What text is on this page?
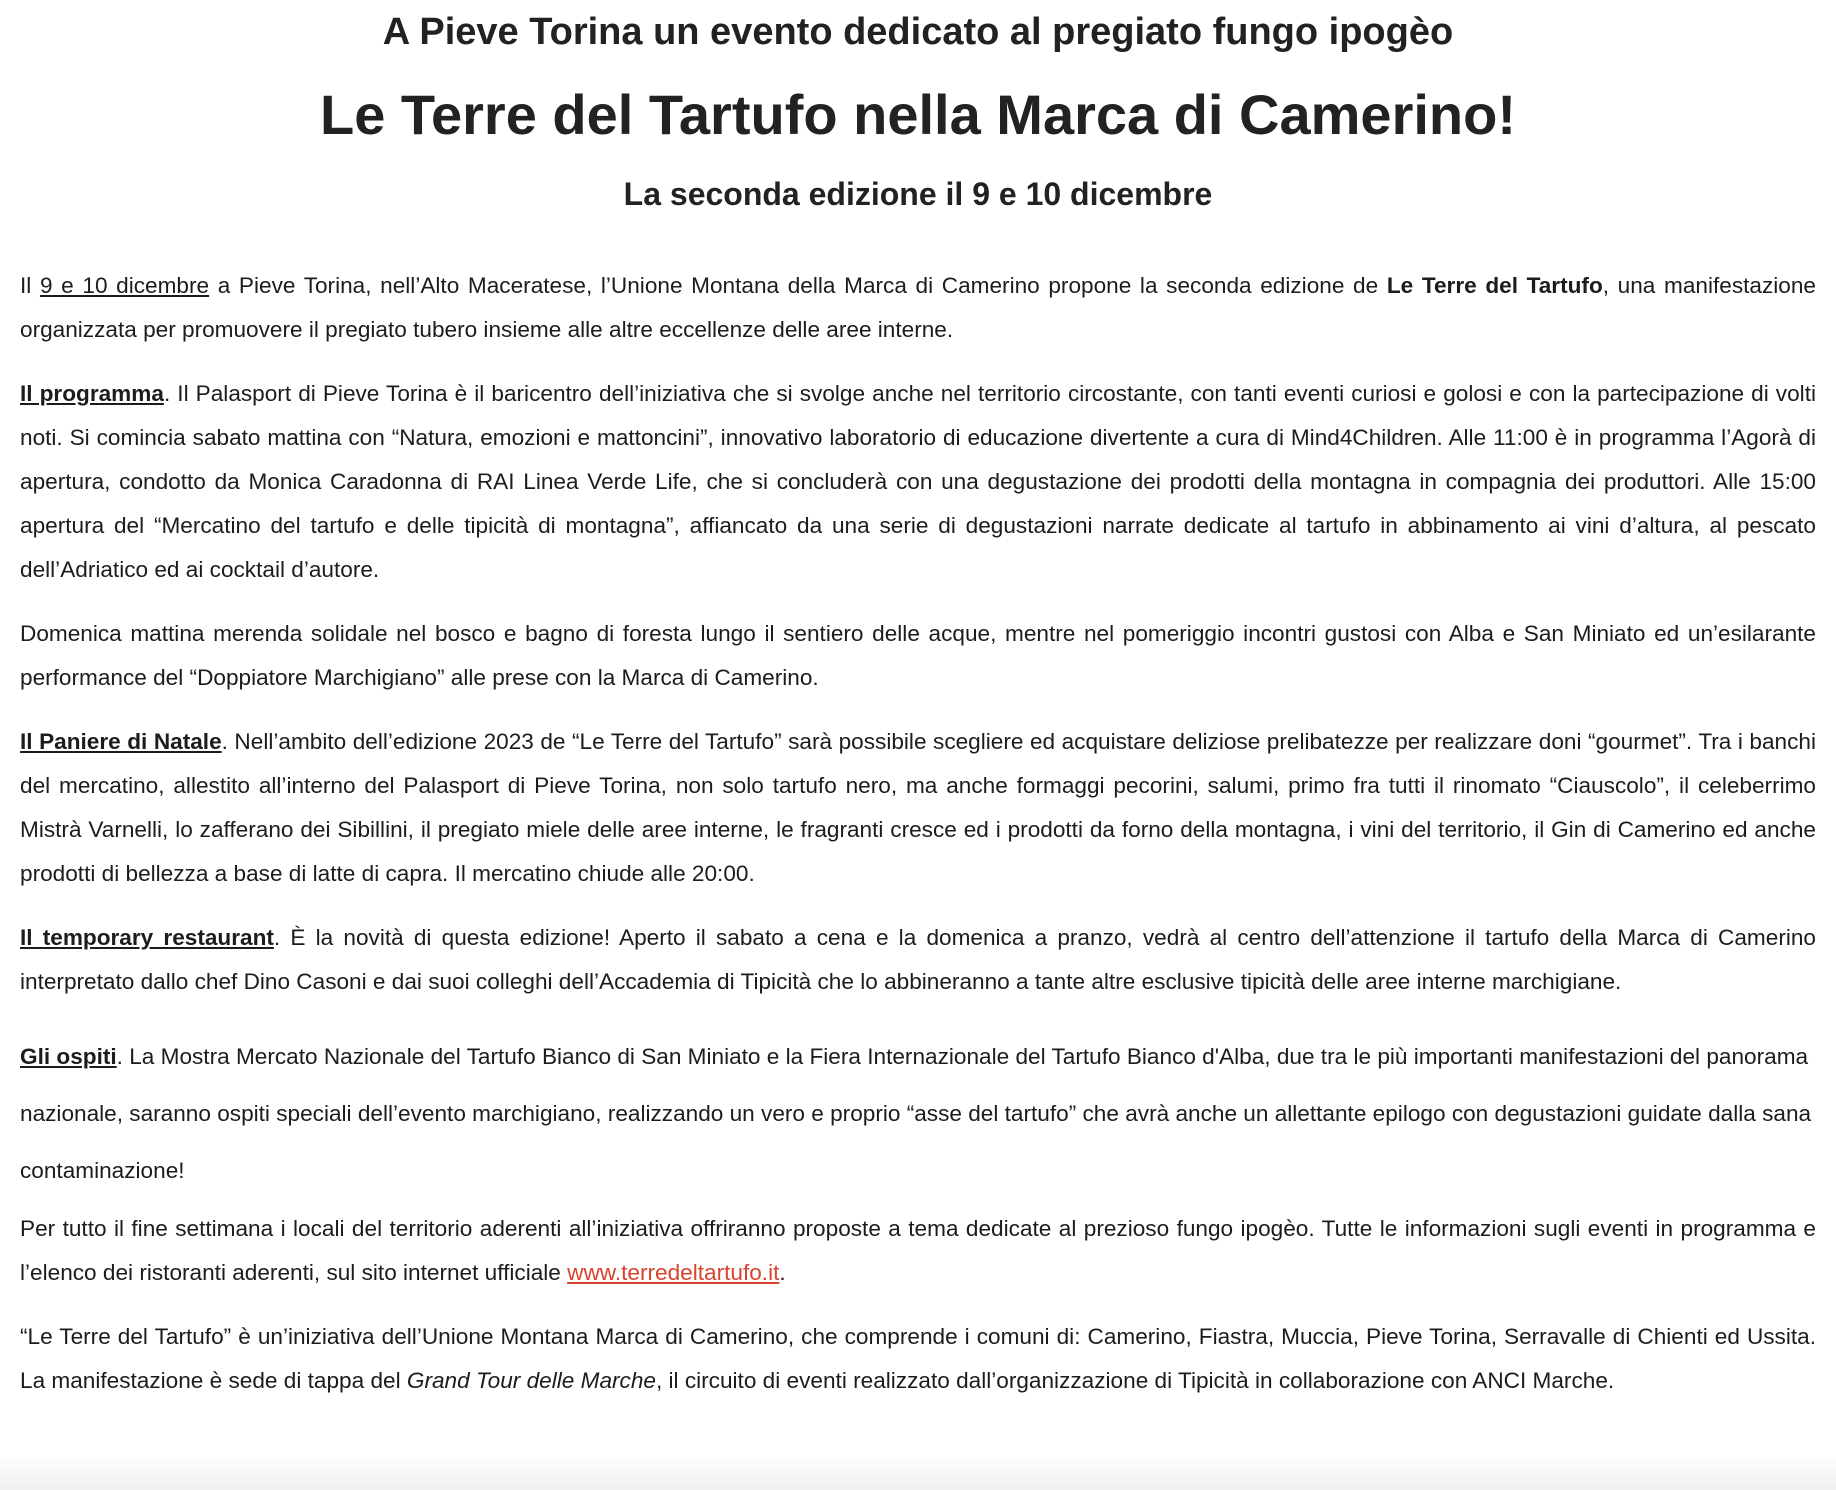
A Pieve Torina un evento dedicato al pregiato fungo ipogèo
Le Terre del Tartufo nella Marca di Camerino!
La seconda edizione il 9 e 10 dicembre

Il 9 e 10 dicembre a Pieve Torina, nell’Alto Maceratese, l’Unione Montana della Marca di Camerino propone la seconda edizione de Le Terre del Tartufo, una manifestazione organizzata per promuovere il pregiato tubero insieme alle altre eccellenze delle aree interne.

Il programma. Il Palasport di Pieve Torina è il baricentro dell’iniziativa che si svolge anche nel territorio circostante, con tanti eventi curiosi e golosi e con la partecipazione di volti noti. Si comincia sabato mattina con “Natura, emozioni e mattoncini”, innovativo laboratorio di educazione divertente a cura di Mind4Children. Alle 11:00 è in programma l’Agorà di apertura, condotto da Monica Caradonna di RAI Linea Verde Life, che si concluderà con una degustazione dei prodotti della montagna in compagnia dei produttori. Alle 15:00 apertura del “Mercatino del tartufo e delle tipicità di montagna”, affiancato da una serie di degustazioni narrate dedicate al tartufo in abbinamento ai vini d’altura, al pescato dell’Adriatico ed ai cocktail d’autore.

Domenica mattina merenda solidale nel bosco e bagno di foresta lungo il sentiero delle acque, mentre nel pomeriggio incontri gustosi con Alba e San Miniato ed un’esilarante performance del “Doppiatore Marchigiano” alle prese con la Marca di Camerino.

Il Paniere di Natale. Nell’ambito dell’edizione 2023 de “Le Terre del Tartufo” sarà possibile scegliere ed acquistare deliziose prelibatezze per realizzare doni “gourmet”. Tra i banchi del mercatino, allestito all’interno del Palasport di Pieve Torina, non solo tartufo nero, ma anche formaggi pecorini, salumi, primo fra tutti il rinomato “Ciauscolo”, il celeberrimo Mistrà Varnelli, lo zafferano dei Sibillini, il pregiato miele delle aree interne, le fragranti cresce ed i prodotti da forno della montagna, i vini del territorio, il Gin di Camerino ed anche prodotti di bellezza a base di latte di capra. Il mercatino chiude alle 20:00.

Il temporary restaurant. È la novità di questa edizione! Aperto il sabato a cena e la domenica a pranzo, vedrà al centro dell’attenzione il tartufo della Marca di Camerino interpretato dallo chef Dino Casoni e dai suoi colleghi dell’Accademia di Tipicità che lo abbineranno a tante altre esclusive tipicità delle aree interne marchigiane.

Gli ospiti. La Mostra Mercato Nazionale del Tartufo Bianco di San Miniato e la Fiera Internazionale del Tartufo Bianco d'Alba, due tra le più importanti manifestazioni del panorama nazionale, saranno ospiti speciali dell’evento marchigiano, realizzando un vero e proprio “asse del tartufo” che avrà anche un allettante epilogo con degustazioni guidate dalla sana contaminazione!

Per tutto il fine settimana i locali del territorio aderenti all’iniziativa offriranno proposte a tema dedicate al prezioso fungo ipogèo. Tutte le informazioni sugli eventi in programma e l’elenco dei ristoranti aderenti, sul sito internet ufficiale www.terredeltartufo.it.

“Le Terre del Tartufo” è un’iniziativa dell’Unione Montana Marca di Camerino, che comprende i comuni di: Camerino, Fiastra, Muccia, Pieve Torina, Serravalle di Chienti ed Ussita. La manifestazione è sede di tappa del Grand Tour delle Marche, il circuito di eventi realizzato dall’organizzazione di Tipicità in collaborazione con ANCI Marche.
